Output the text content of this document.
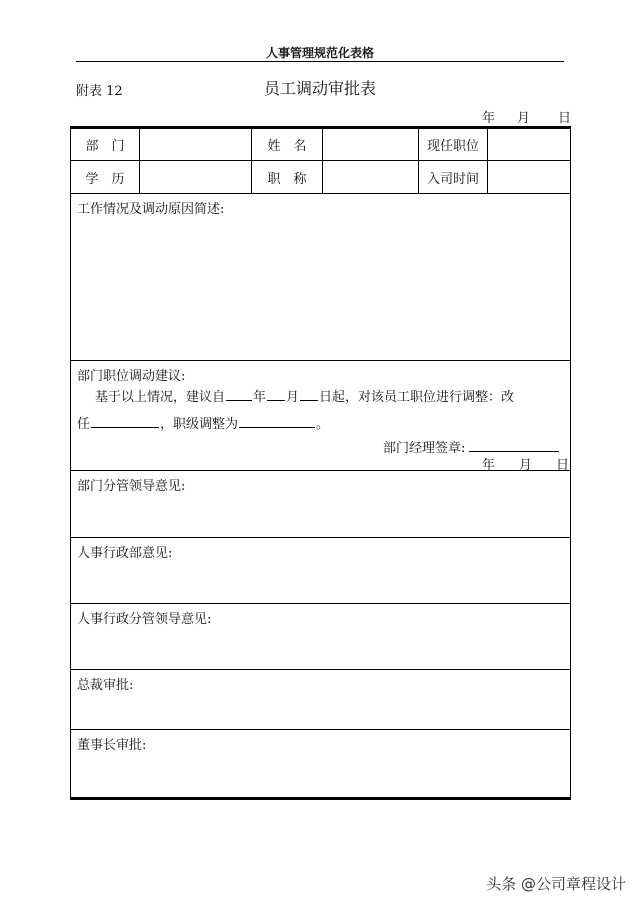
人事管理规范化表格
附表 12	员工调动审批表
年 月 日
部　门		姓　名		现任职位	
学　历		职　称		入司时间	

工作情况及调动原因简述:					

部门职位调动建议:
基于以上情况，建议自 年 月 日起，对该员工职位进行调整：改
任 ，职级调整为 。
部门经理签章:
年 月 日					

部门分管领导意见:					

人事行政部意见:					

人事行政分管领导意见:					

总裁审批:					

董事长审批:					
头条 @公司章程设计
